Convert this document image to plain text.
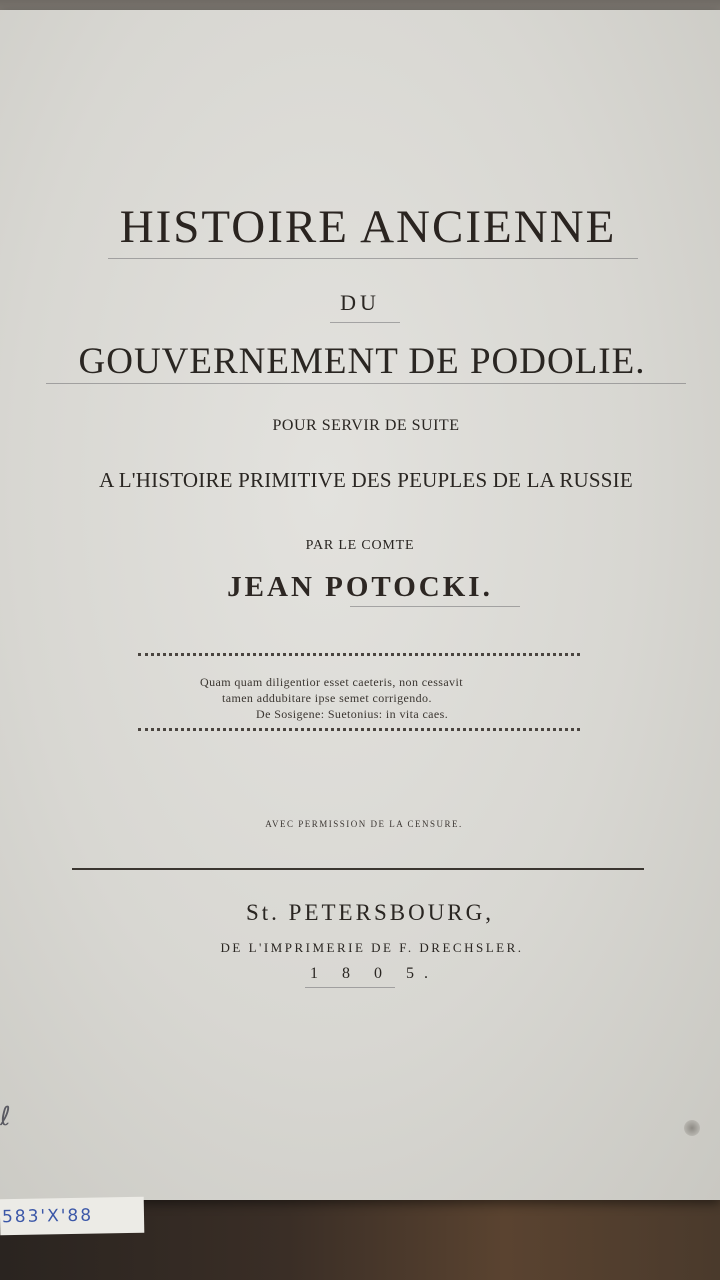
HISTOIRE ANCIENNE
DU
GOUVERNEMENT DE PODOLIE.
POUR SERVIR DE SUITE
A L'HISTOIRE PRIMITIVE DES PEUPLES DE LA RUSSIE
PAR LE COMTE
JEAN POTOCKI.
Quam quam diligentior esset caeteris, non cessavit
tamen addubitare ipse semet corrigendo.
De Sosigene: Suetonius: in vita caes.
AVEC PERMISSION DE LA CENSURE.
St. PETERSBOURG,
DE L'IMPRIMERIE DE F. DRECHSLER.
1 8 0 5.
ℓ
583'X'88
